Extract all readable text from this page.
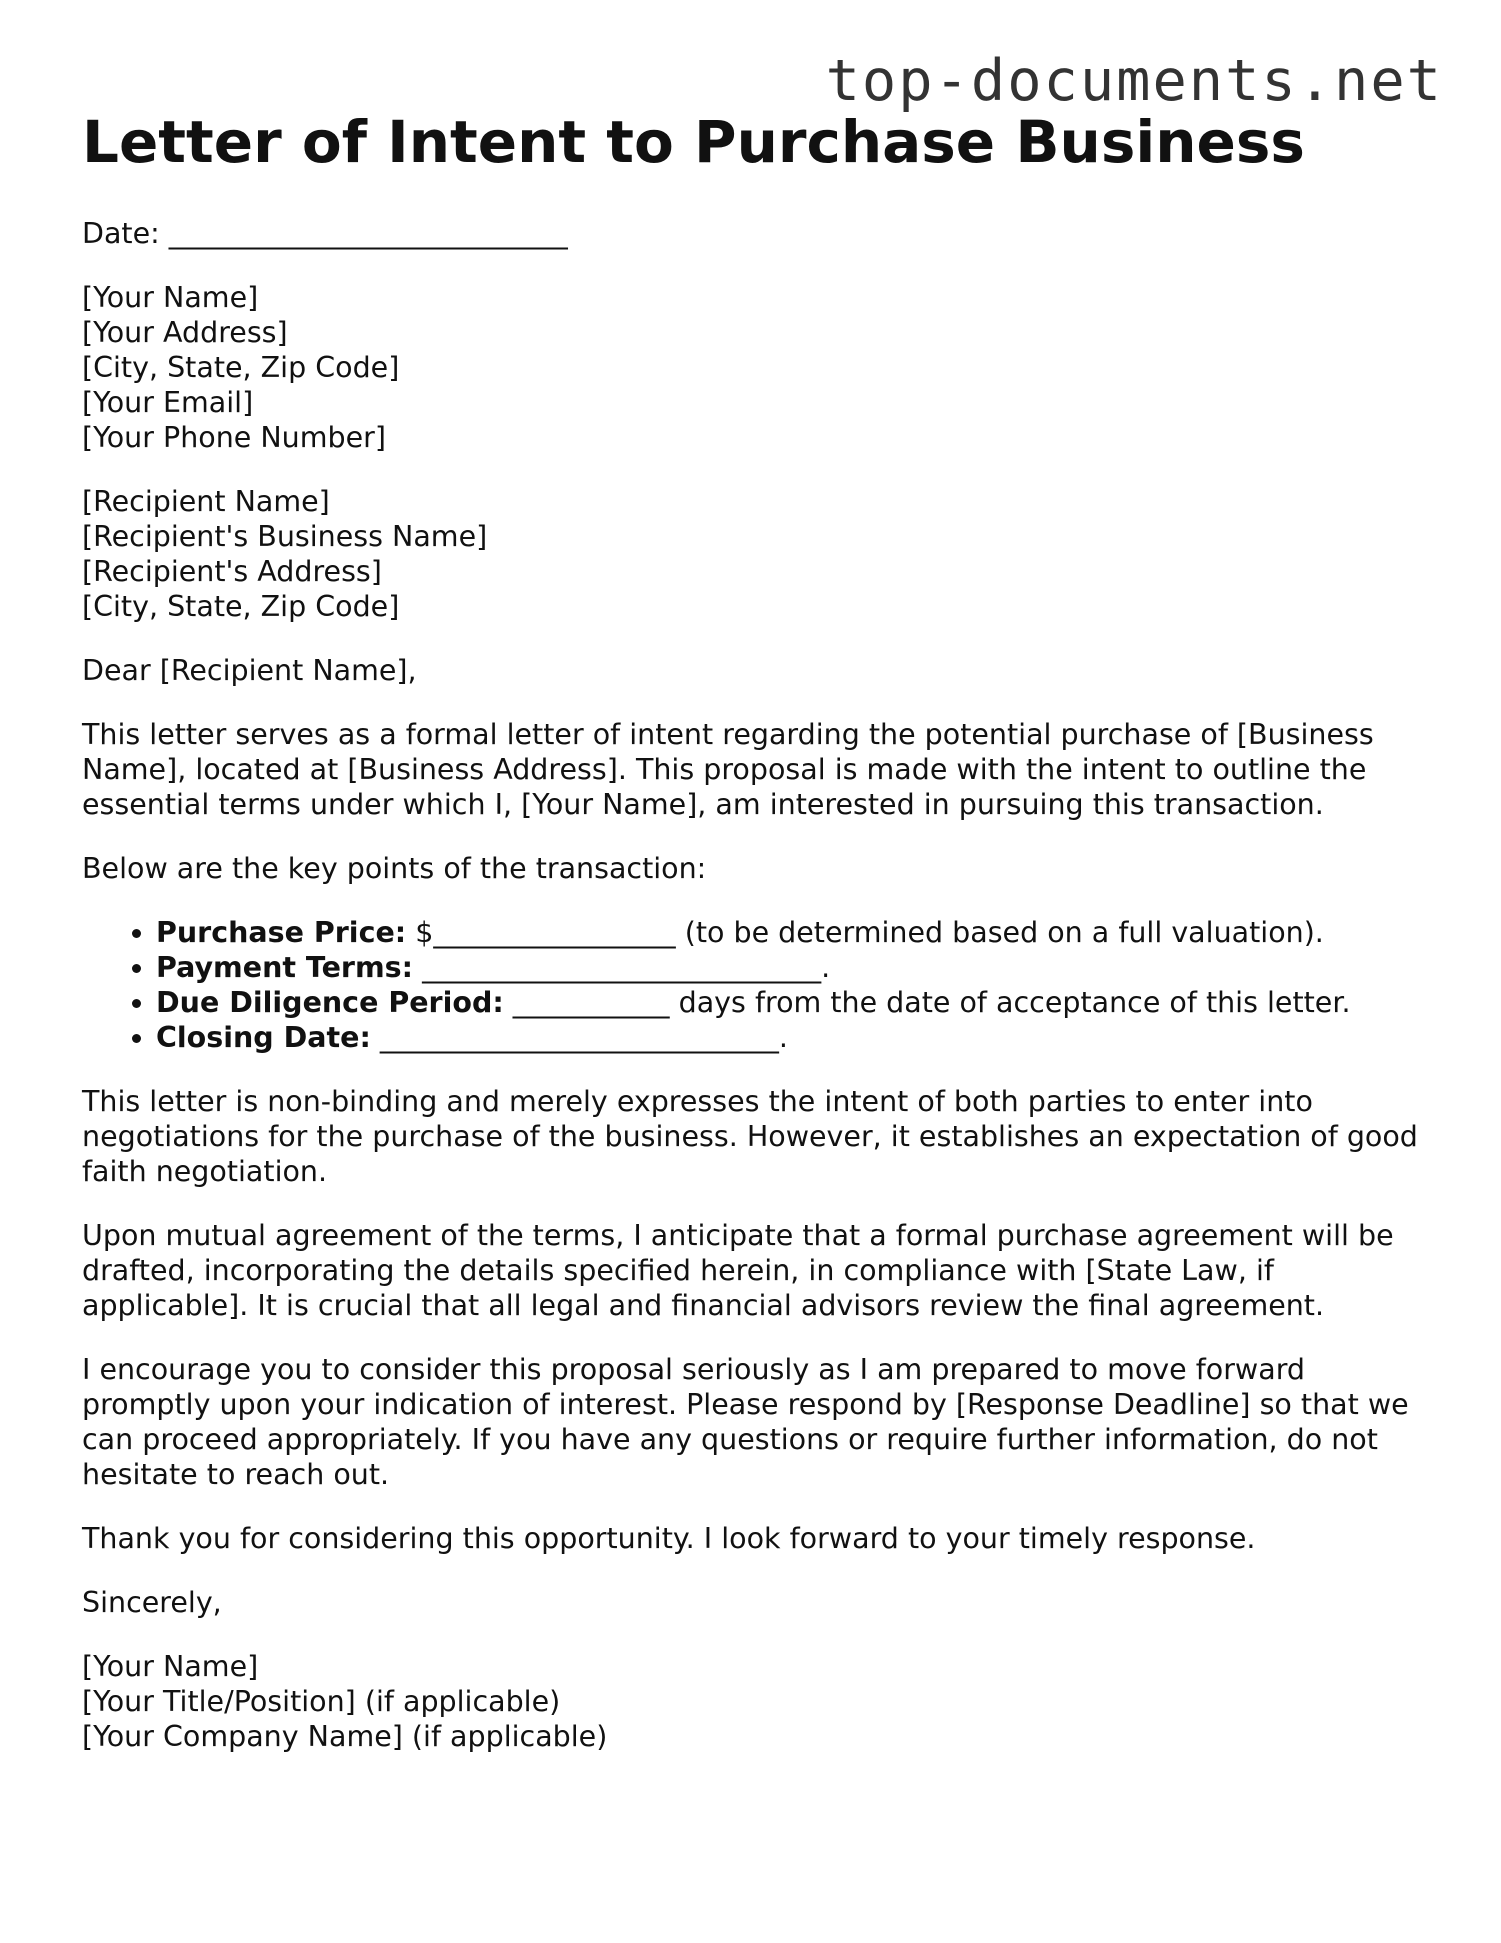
top-documents.net
Letter of Intent to Purchase Business

Date: ____________________________

[Your Name]
[Your Address]
[City, State, Zip Code]
[Your Email]
[Your Phone Number]
[Recipient Name]
[Recipient's Business Name]
[Recipient's Address]
[City, State, Zip Code]

Dear [Recipient Name],

This letter serves as a formal letter of intent regarding the potential purchase of [Business Name], located at [Business Address]. This proposal is made with the intent to outline the essential terms under which I, [Your Name], am interested in pursuing this transaction.

Below are the key points of the transaction:

• Purchase Price: $_________________ (to be determined based on a full valuation).
• Payment Terms: ____________________________.
• Due Diligence Period: ___________ days from the date of acceptance of this letter.
• Closing Date: ____________________________.

This letter is non-binding and merely expresses the intent of both parties to enter into negotiations for the purchase of the business. However, it establishes an expectation of good faith negotiation.

Upon mutual agreement of the terms, I anticipate that a formal purchase agreement will be drafted, incorporating the details specified herein, in compliance with [State Law, if applicable]. It is crucial that all legal and financial advisors review the final agreement.

I encourage you to consider this proposal seriously as I am prepared to move forward promptly upon your indication of interest. Please respond by [Response Deadline] so that we can proceed appropriately. If you have any questions or require further information, do not hesitate to reach out.

Thank you for considering this opportunity. I look forward to your timely response.

Sincerely,

[Your Name]
[Your Title/Position] (if applicable)
[Your Company Name] (if applicable)
